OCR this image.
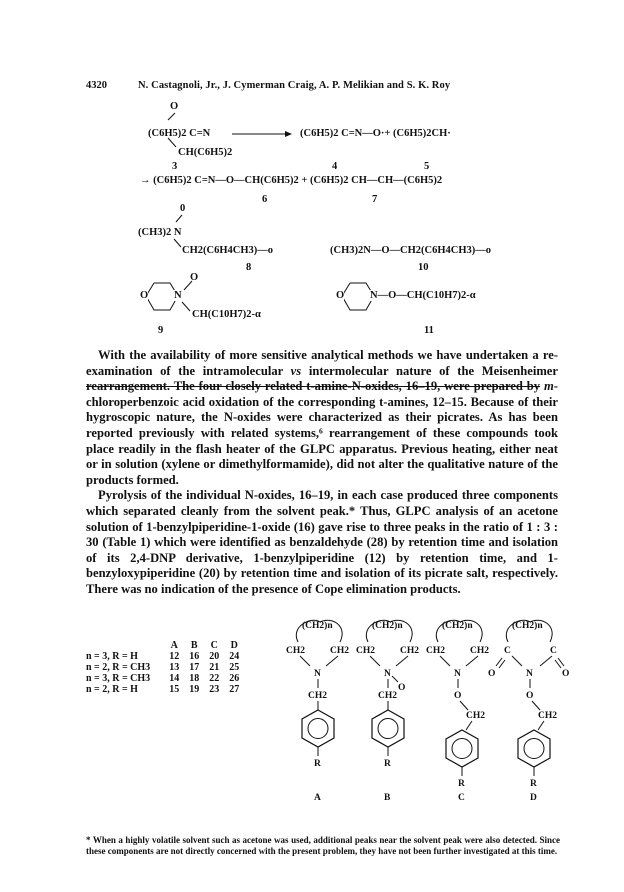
4320	N. Castagnoli, Jr., J. Cymerman Craig, A. P. Melikian and S. K. Roy
O
(C6H5)2 C=N
CH(C6H5)2
(C6H5)2 C=N—O·+ (C6H5)2CH·
3	4	5
→ (C6H5)2 C=N—O—CH(C6H5)2 + (C6H5)2 CH—CH—(C6H5)2
6	7
0
(CH3)2 N
CH2(C6H4CH3)—o
8
(CH3)2N—O—CH2(C6H4CH3)—o
10
O N
O
CH(C10H7)2-α
9
O N—O—CH(C10H7)2-α
11

With the availability of more sensitive analytical methods we have undertaken a re-examination of the intramolecular vs intermolecular nature of the Meisenheimer rearrangement. The four closely related t-amine-N-oxides, 16–19, were prepared by m-chloroperbenzoic acid oxidation of the corresponding t-amines, 12–15. Because of their hygroscopic nature, the N-oxides were characterized as their picrates. As has been reported previously with related systems,⁶ rearrangement of these compounds took place readily in the flash heater of the GLPC apparatus. Previous heating, either neat or in solution (xylene or dimethylformamide), did not alter the qualitative nature of the products formed.

Pyrolysis of the individual N-oxides, 16–19, in each case produced three components which separated cleanly from the solvent peak.* Thus, GLPC analysis of an acetone solution of 1-benzylpiperidine-1-oxide (16) gave rise to three peaks in the ratio of 1 : 3 : 30 (Table 1) which were identified as benzaldehyde (28) by retention time and isolation of its 2,4-DNP derivative, 1-benzylpiperidine (12) by retention time, and 1-benzyloxypiperidine (20) by retention time and isolation of its picrate salt, respectively. There was no indication of the presence of Cope elimination products.

	A	B	C	D
n = 3, R = H	12	16	20	24
n = 2, R = CH3	13	17	21	25
n = 3, R = CH3	14	18	22	26
n = 2, R = H	15	19	23	27
(CH2)n
CH2	CH2
N
CH2
R
A
(CH2)n
CH2	CH2
N
O
CH2
R
B
(CH2)n
CH2	CH2
N
O
CH2
R
C
(CH2)n
C	C
O	O
N
O
CH2
R
D
* When a highly volatile solvent such as acetone was used, additional peaks near the solvent peak were also detected. Since these components are not directly concerned with the present problem, they have not been further investigated at this time.
